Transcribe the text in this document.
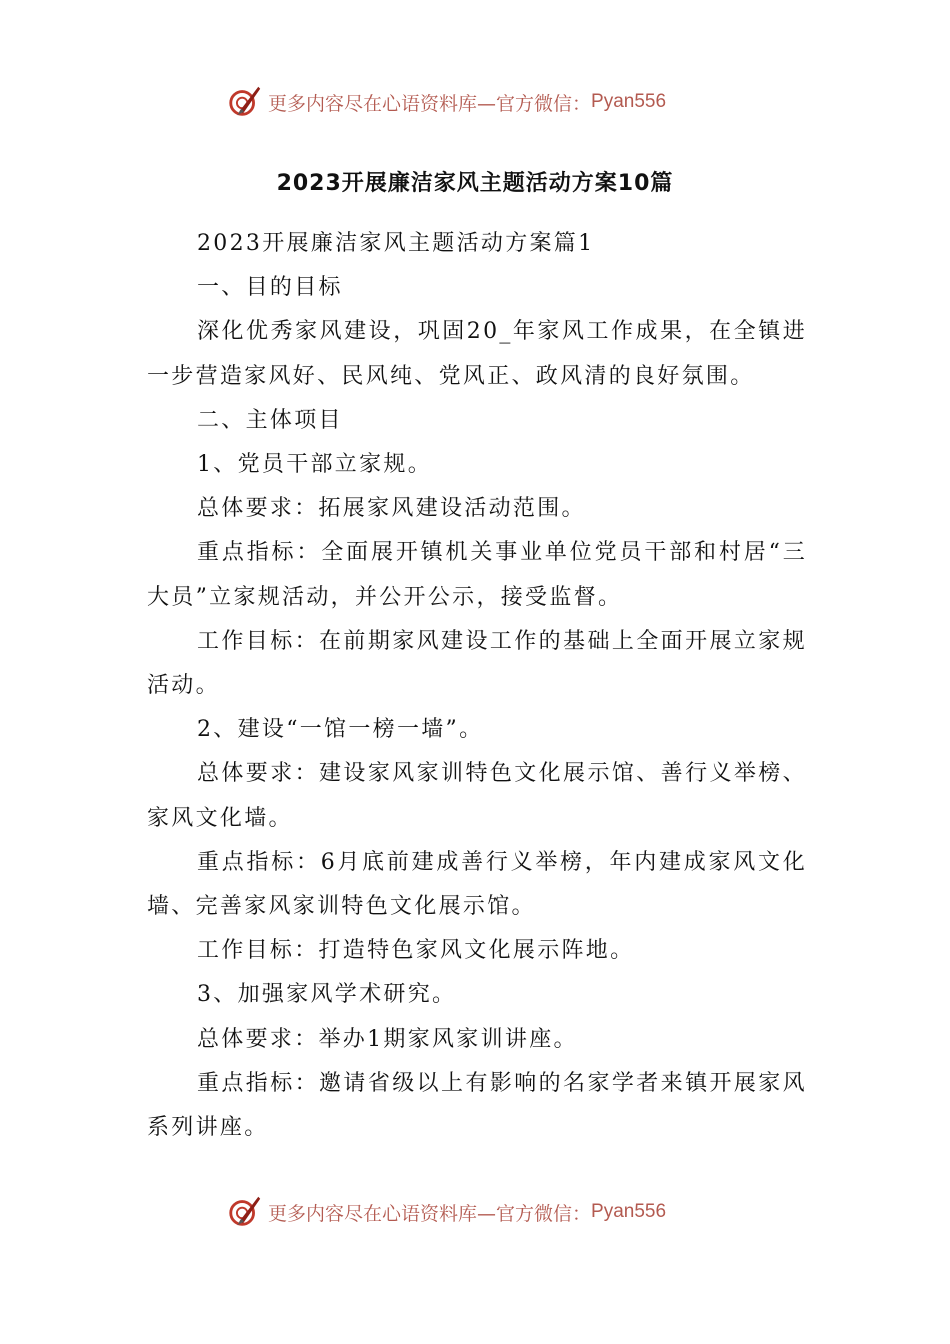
更多内容尽在心语资料库—官方微信： Pyan556
2023开展廉洁家风主题活动方案10篇

2023开展廉洁家风主题活动方案篇1

一、目的目标

深化优秀家风建设，巩固20_年家风工作成果，在全镇进一步营造家风好、民风纯、党风正、政风清的良好氛围。

二、主体项目

1、党员干部立家规。

总体要求：拓展家风建设活动范围。

重点指标：全面展开镇机关事业单位党员干部和村居“三大员”立家规活动，并公开公示，接受监督。

工作目标：在前期家风建设工作的基础上全面开展立家规活动。

2、建设“一馆一榜一墙”。

总体要求：建设家风家训特色文化展示馆、善行义举榜、家风文化墙。

重点指标：6月底前建成善行义举榜，年内建成家风文化墙、完善家风家训特色文化展示馆。

工作目标：打造特色家风文化展示阵地。

3、加强家风学术研究。

总体要求：举办1期家风家训讲座。

重点指标：邀请省级以上有影响的名家学者来镇开展家风系列讲座。

更多内容尽在心语资料库—官方微信： Pyan556
